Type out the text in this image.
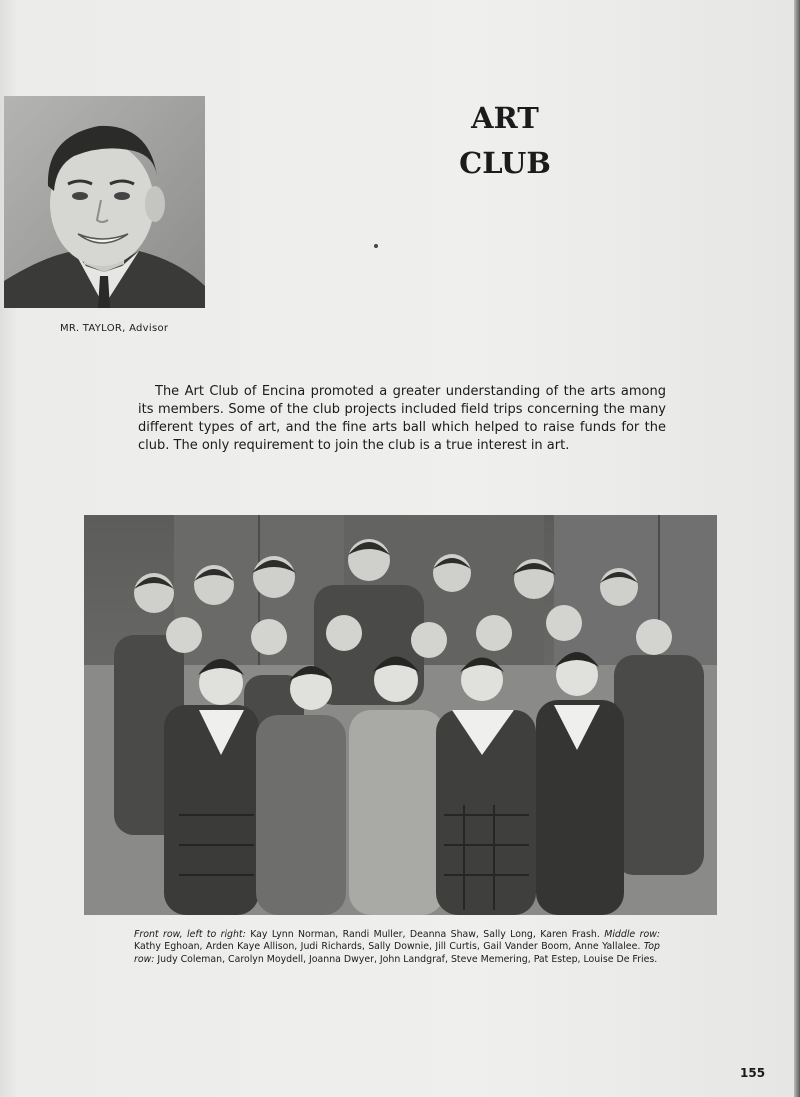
MR. TAYLOR, Advisor
ART
CLUB
The Art Club of Encina promoted a greater understanding of the arts among its members. Some of the club projects included field trips concerning the many different types of art, and the fine arts ball which helped to raise funds for the club. The only requirement to join the club is a true interest in art.
Front row, left to right: Kay Lynn Norman, Randi Muller, Deanna Shaw, Sally Long, Karen Frash. Middle row: Kathy Eghoan, Arden Kaye Allison, Judi Richards, Sally Downie, Jill Curtis, Gail Vander Boom, Anne Yallalee. Top row: Judy Coleman, Carolyn Moydell, Joanna Dwyer, John Landgraf, Steve Memering, Pat Estep, Louise De Fries.
155
